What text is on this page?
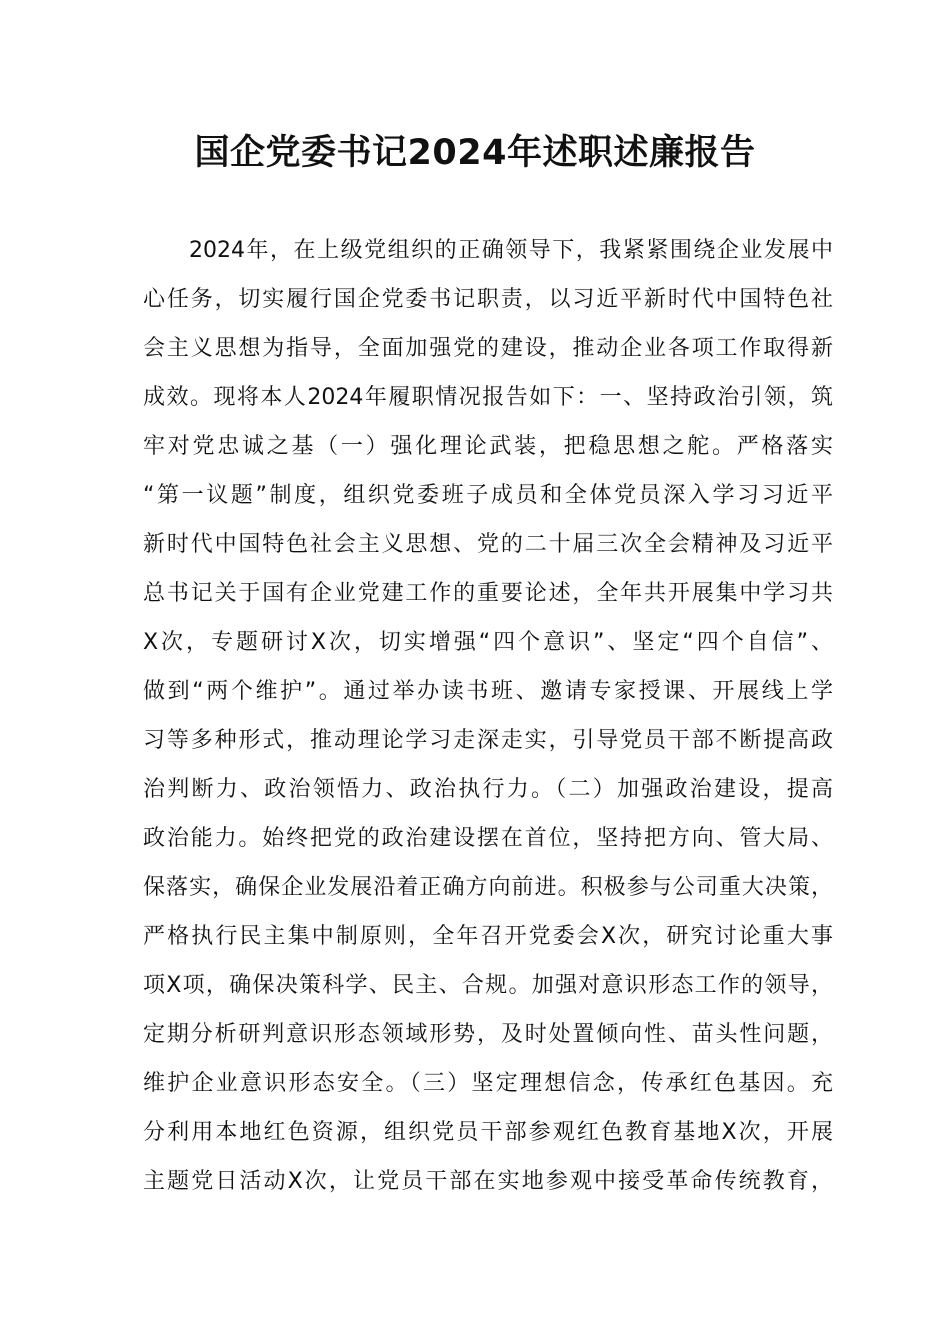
国企党委书记2024年述职述廉报告
2024年，在上级党组织的正确领导下，我紧紧围绕企业发展中
心任务，切实履行国企党委书记职责，以习近平新时代中国特色社
会主义思想为指导，全面加强党的建设，推动企业各项工作取得新
成效。现将本人2024年履职情况报告如下：一、坚持政治引领，筑
牢对党忠诚之基（一）强化理论武装，把稳思想之舵。严格落实
“第一议题”制度，组织党委班子成员和全体党员深入学习习近平
新时代中国特色社会主义思想、党的二十届三次全会精神及习近平
总书记关于国有企业党建工作的重要论述，全年共开展集中学习共
X次，专题研讨X次，切实增强“四个意识”、坚定“四个自信”、
做到“两个维护”。通过举办读书班、邀请专家授课、开展线上学
习等多种形式，推动理论学习走深走实，引导党员干部不断提高政
治判断力、政治领悟力、政治执行力。（二）加强政治建设，提高
政治能力。始终把党的政治建设摆在首位，坚持把方向、管大局、
保落实，确保企业发展沿着正确方向前进。积极参与公司重大决策，
严格执行民主集中制原则，全年召开党委会X次，研究讨论重大事
项X项，确保决策科学、民主、合规。加强对意识形态工作的领导，
定期分析研判意识形态领域形势，及时处置倾向性、苗头性问题，
维护企业意识形态安全。（三）坚定理想信念，传承红色基因。充
分利用本地红色资源，组织党员干部参观红色教育基地X次，开展
主题党日活动X次，让党员干部在实地参观中接受革命传统教育，
